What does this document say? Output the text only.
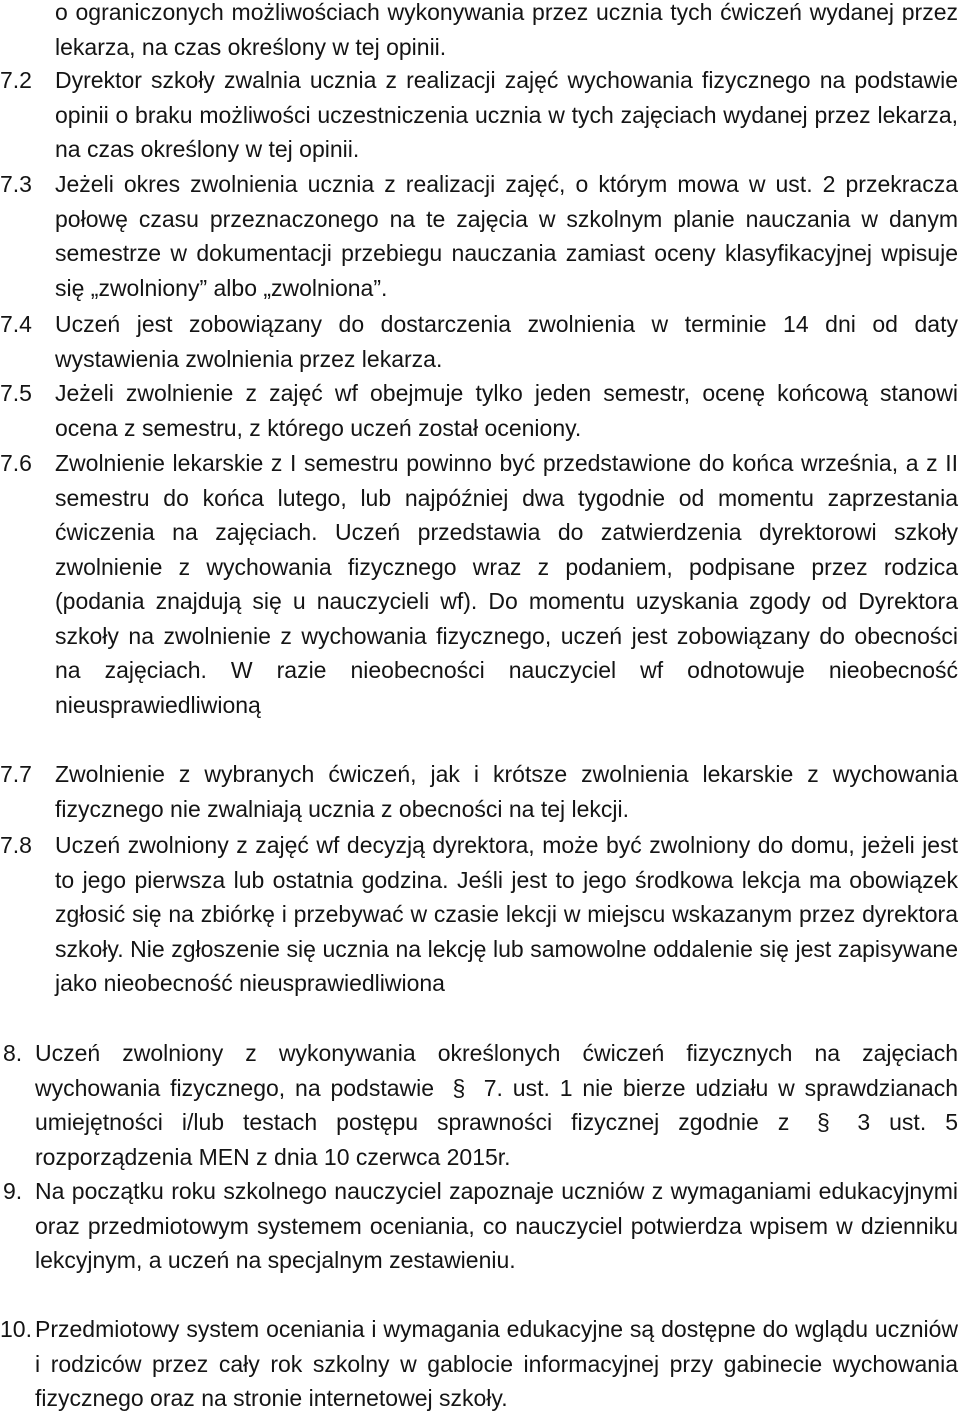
o ograniczonych możliwościach wykonywania przez ucznia tych ćwiczeń wydanej przez lekarza, na czas określony w tej opinii.
7.2 Dyrektor szkoły zwalnia ucznia z realizacji zajęć wychowania fizycznego na podstawie opinii o braku możliwości uczestniczenia ucznia w tych zajęciach wydanej przez lekarza, na czas określony w tej opinii.
7.3 Jeżeli okres zwolnienia ucznia z realizacji zajęć, o którym mowa w ust. 2 przekracza połowę czasu przeznaczonego na te zajęcia w szkolnym planie nauczania w danym semestrze w dokumentacji przebiegu nauczania zamiast oceny klasyfikacyjnej wpisuje się „zwolniony” albo „zwolniona”.
7.4 Uczeń jest zobowiązany do dostarczenia zwolnienia w terminie 14 dni od daty wystawienia zwolnienia przez lekarza.
7.5 Jeżeli zwolnienie z zajęć wf obejmuje tylko jeden semestr, ocenę końcową stanowi ocena z semestru, z którego uczeń został oceniony.
7.6 Zwolnienie lekarskie z I semestru powinno być przedstawione do końca września, a z II semestru do końca lutego, lub najpóźniej dwa tygodnie od momentu zaprzestania ćwiczenia na zajęciach. Uczeń przedstawia do zatwierdzenia dyrektorowi szkoły zwolnienie z wychowania fizycznego wraz z podaniem, podpisane przez rodzica (podania znajdują się u nauczycieli wf). Do momentu uzyskania zgody od Dyrektora szkoły na zwolnienie z wychowania fizycznego, uczeń jest zobowiązany do obecności na zajęciach. W razie nieobecności nauczyciel wf odnotowuje nieobecność nieusprawiedliwioną
7.7 Zwolnienie z wybranych ćwiczeń, jak i krótsze zwolnienia lekarskie z wychowania fizycznego nie zwalniają ucznia z obecności na tej lekcji.
7.8 Uczeń zwolniony z zajęć wf decyzją dyrektora, może być zwolniony do domu, jeżeli jest to jego pierwsza lub ostatnia godzina. Jeśli jest to jego środkowa lekcja ma obowiązek zgłosić się na zbiórkę i przebywać w czasie lekcji w miejscu wskazanym przez dyrektora szkoły. Nie zgłoszenie się ucznia na lekcję lub samowolne oddalenie się jest zapisywane jako nieobecność nieusprawiedliwiona
8. Uczeń zwolniony z wykonywania określonych ćwiczeń fizycznych na zajęciach wychowania fizycznego, na podstawie § 7. ust. 1 nie bierze udziału w sprawdzianach umiejętności i/lub testach postępu sprawności fizycznej zgodnie z § 3 ust. 5 rozporządzenia MEN z dnia 10 czerwca 2015r.
9. Na początku roku szkolnego nauczyciel zapoznaje uczniów z wymaganiami edukacyjnymi oraz przedmiotowym systemem oceniania, co nauczyciel potwierdza wpisem w dzienniku lekcyjnym, a uczeń na specjalnym zestawieniu.
10. Przedmiotowy system oceniania i wymagania edukacyjne są dostępne do wglądu uczniów i rodziców przez cały rok szkolny w gablocie informacyjnej przy gabinecie wychowania fizycznego oraz na stronie internetowej szkoły.
